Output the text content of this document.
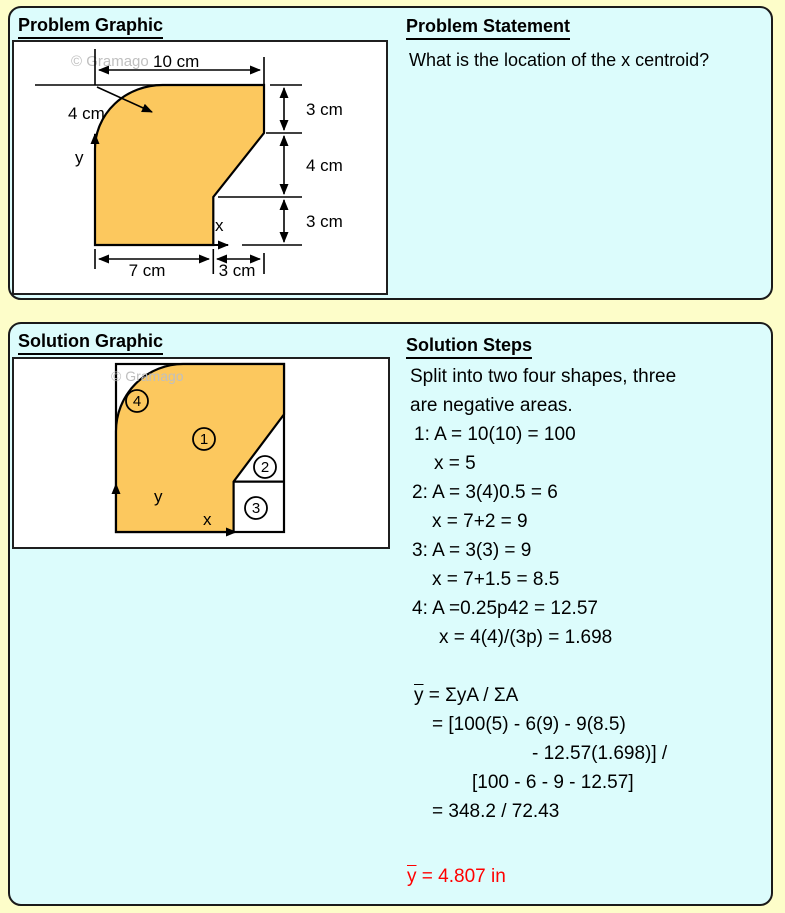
Problem Graphic
© Gramago 10 cm
4 cm
y
x
3 cm
4 cm
3 cm
7 cm	3 cm
Problem Statement
What is the location of the x centroid?
Solution Graphic
© Gramago
y
x
1
2
3
4
Solution Steps
Split into two four shapes, three
are negative areas.
1: A = 10(10) = 100
x = 5
2: A = 3(4)0.5 = 6
x = 7+2 = 9
3: A = 3(3) = 9
x = 7+1.5 = 8.5
4: A =0.25p42 = 12.57
x = 4(4)/(3p) = 1.698
$\overline{y} = \Sigma yA / \Sigma A$
= [100(5) - 6(9) - 9(8.5)
- 12.57(1.698)] /
[100 - 6 - 9 - 12.57]
= 348.2 / 72.43
$\overline{y} = 4.807$ in
